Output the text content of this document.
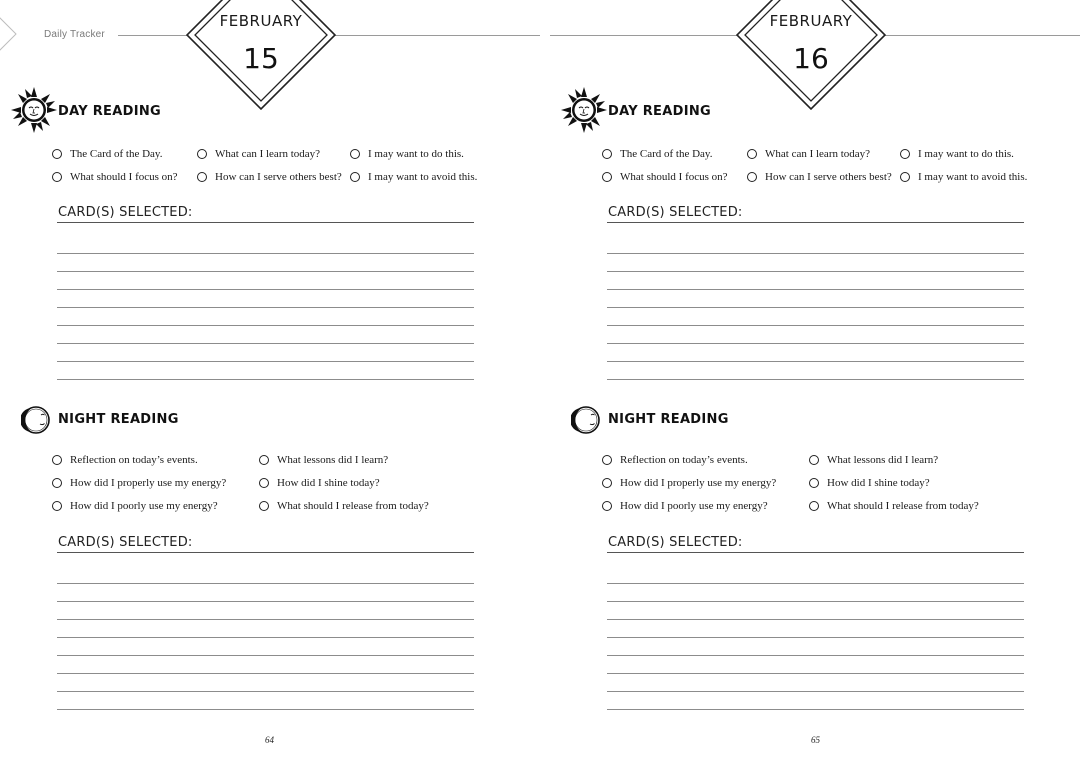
Daily Tracker
FEBRUARY
15
DAY READING
The Card of the Day.
What should I focus on?
What can I learn today?
How can I serve others best?
I may want to do this.
I may want to avoid this.
CARD(S) SELECTED:
NIGHT READING
Reflection on today’s events.
How did I properly use my energy?
How did I poorly use my energy?
What lessons did I learn?
How did I shine today?
What should I release from today?
CARD(S) SELECTED:
64
FEBRUARY
16
DAY READING
The Card of the Day.
What should I focus on?
What can I learn today?
How can I serve others best?
I may want to do this.
I may want to avoid this.
CARD(S) SELECTED:
NIGHT READING
Reflection on today’s events.
How did I properly use my energy?
How did I poorly use my energy?
What lessons did I learn?
How did I shine today?
What should I release from today?
CARD(S) SELECTED:
65
